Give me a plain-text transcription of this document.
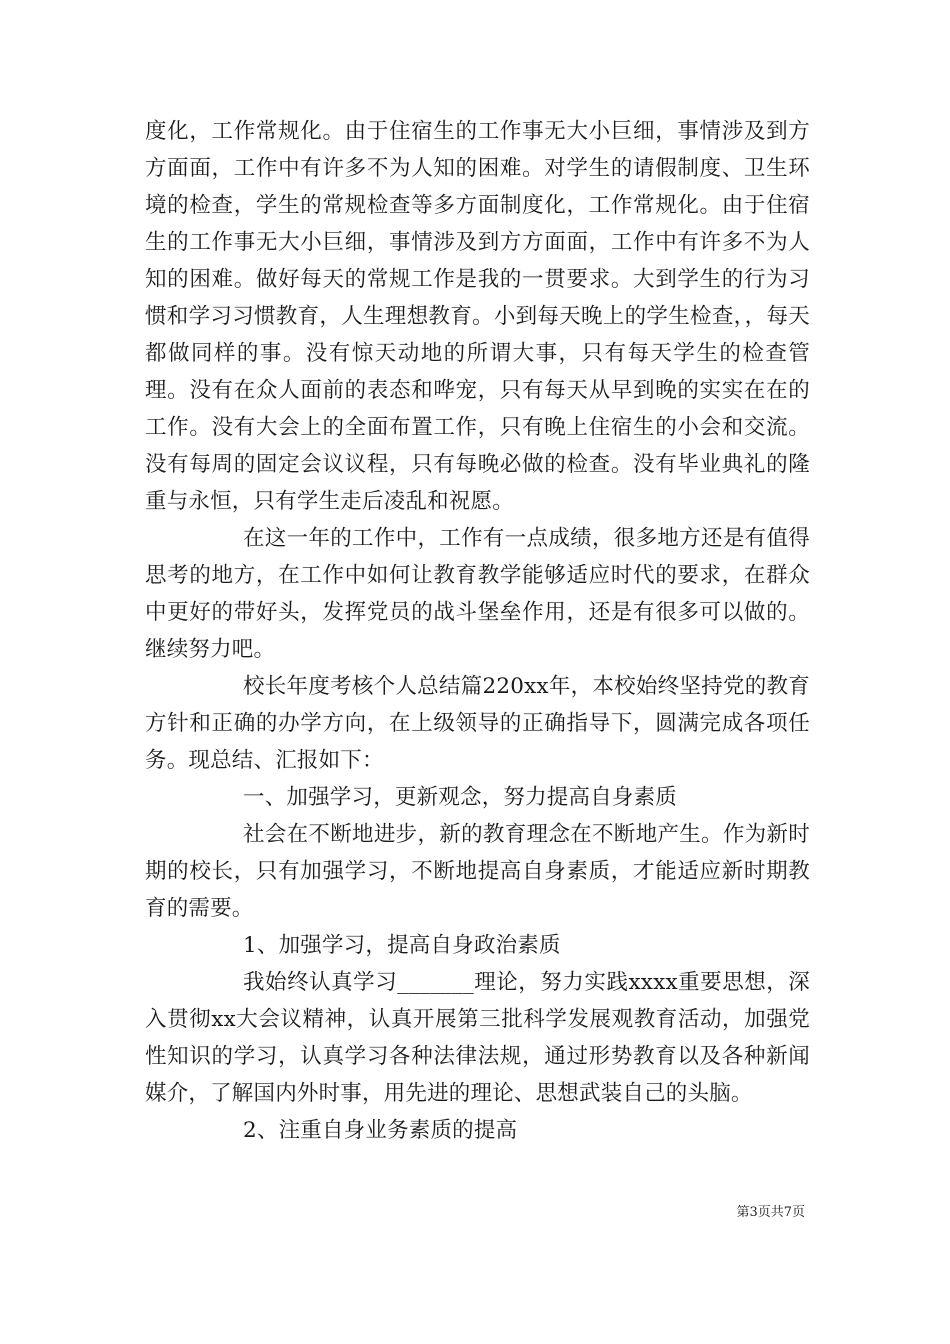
度化，工作常规化。由于住宿生的工作事无大小巨细，事情涉及到方方面面，工作中有许多不为人知的困难。对学生的请假制度、卫生环境的检查，学生的常规检查等多方面制度化，工作常规化。由于住宿生的工作事无大小巨细，事情涉及到方方面面，工作中有许多不为人知的困难。做好每天的常规工作是我的一贯要求。大到学生的行为习惯和学习习惯教育，人生理想教育。小到每天晚上的学生检查，，每天都做同样的事。没有惊天动地的所谓大事，只有每天学生的检查管理。没有在众人面前的表态和哗宠，只有每天从早到晚的实实在在的工作。没有大会上的全面布置工作，只有晚上住宿生的小会和交流。没有每周的固定会议议程，只有每晚必做的检查。没有毕业典礼的隆重与永恒，只有学生走后凌乱和祝愿。

在这一年的工作中，工作有一点成绩，很多地方还是有值得思考的地方，在工作中如何让教育教学能够适应时代的要求，在群众中更好的带好头，发挥党员的战斗堡垒作用，还是有很多可以做的。继续努力吧。

校长年度考核个人总结篇220xx年，本校始终坚持党的教育方针和正确的办学方向，在上级领导的正确指导下，圆满完成各项任务。现总结、汇报如下：

一、加强学习，更新观念，努力提高自身素质

社会在不断地进步，新的教育理念在不断地产生。作为新时期的校长，只有加强学习，不断地提高自身素质，才能适应新时期教育的需要。

1、加强学习，提高自身政治素质

我始终认真学习_______理论，努力实践xxxx重要思想，深入贯彻xx大会议精神，认真开展第三批科学发展观教育活动，加强党性知识的学习，认真学习各种法律法规，通过形势教育以及各种新闻媒介，了解国内外时事，用先进的理论、思想武装自己的头脑。

2、注重自身业务素质的提高

第3页共7页
